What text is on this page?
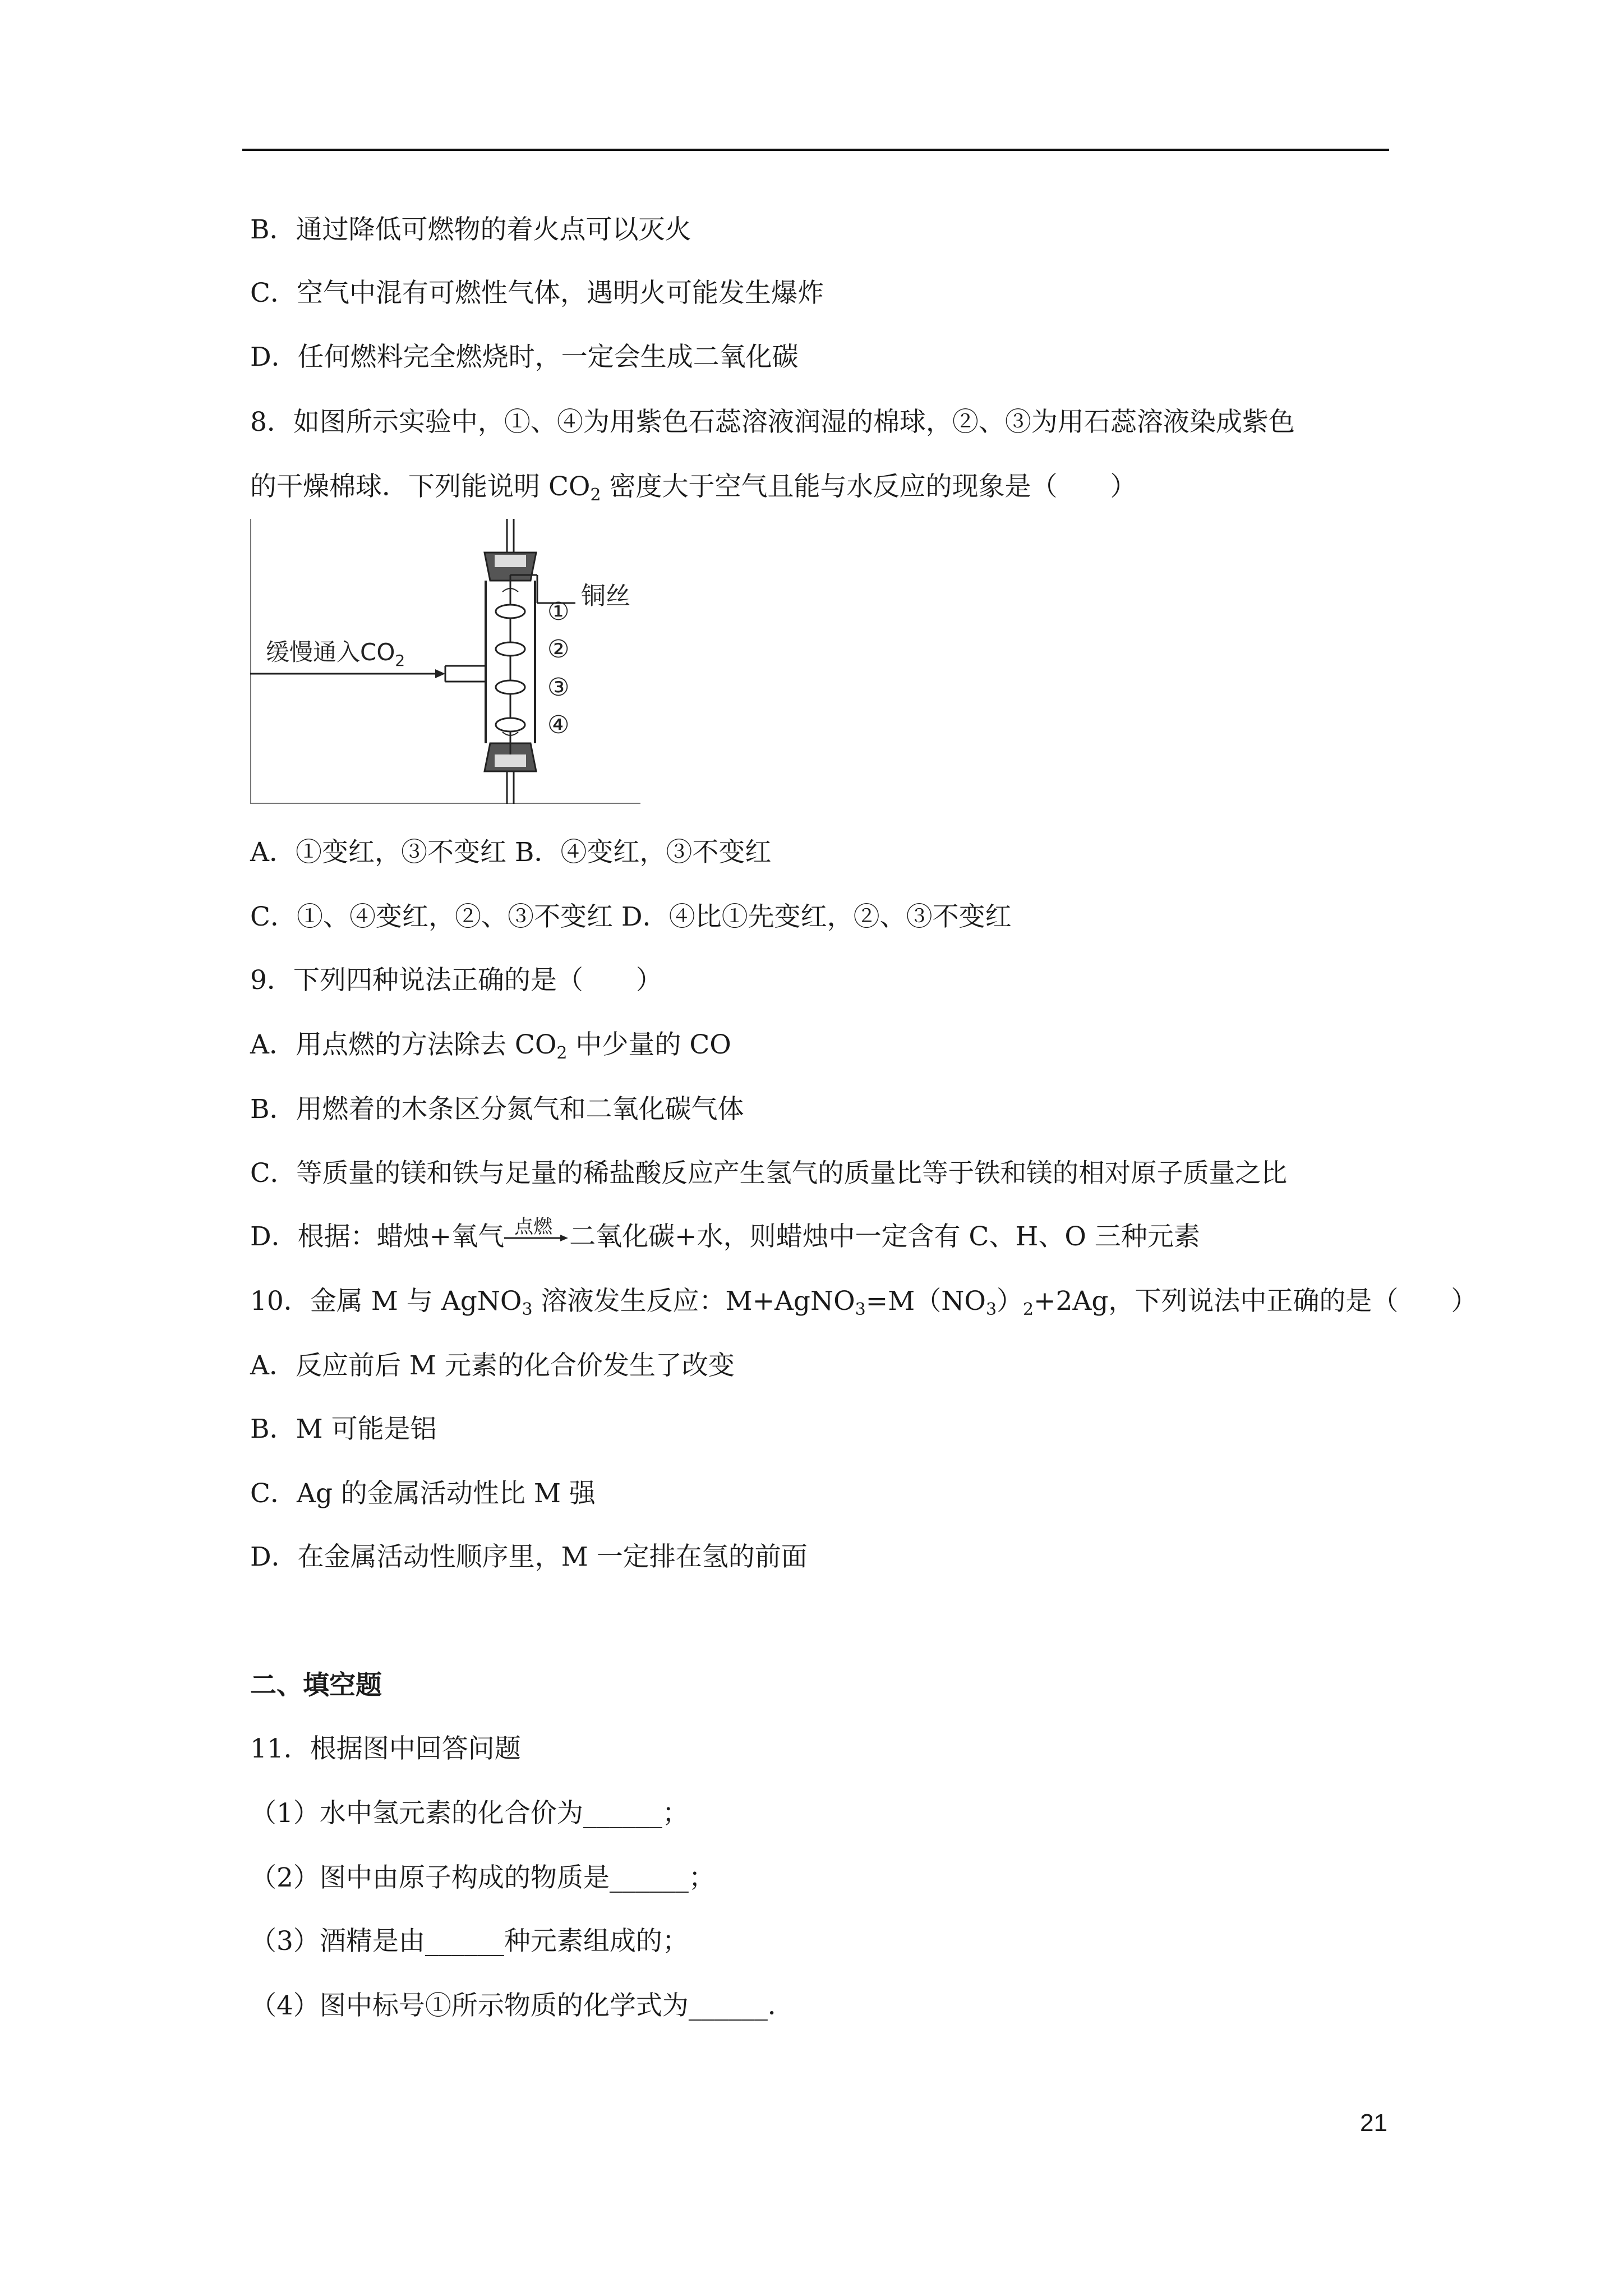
B．通过降低可燃物的着火点可以灭火
C．空气中混有可燃性气体，遇明火可能发生爆炸
D．任何燃料完全燃烧时，一定会生成二氧化碳
8．如图所示实验中，①、④为用紫色石蕊溶液润湿的棉球，②、③为用石蕊溶液染成紫色
的干燥棉球．下列能说明 $CO_2$ 密度大于空气且能与水反应的现象是（　　）
缓慢通入$CO_2$
①
②
③
④
铜丝
A．①变红，③不变红 B．④变红，③不变红
C．①、④变红，②、③不变红 D．④比①先变红，②、③不变红
9．下列四种说法正确的是（　　）
A．用点燃的方法除去 $CO_2$ 中少量的 CO
B．用燃着的木条区分氮气和二氧化碳气体
C．等质量的镁和铁与足量的稀盐酸反应产生氢气的质量比等于铁和镁的相对原子质量之比
D．根据：蜡烛+氧气 点燃 二氧化碳+水，则蜡烛中一定含有 C、H、O 三种元素
10．金属 M 与 AgNO$_3$ 溶液发生反应：$M+AgNO_3=M(NO_3)_2+2Ag$，下列说法中正确的是（　　）
A．反应前后 M 元素的化合价发生了改变
B．M 可能是铝
C．Ag 的金属活动性比 M 强
D．在金属活动性顺序里，M 一定排在氢的前面
二、填空题
11．根据图中回答问题
（1）水中氢元素的化合价为______；
（2）图中由原子构成的物质是______；
（3）酒精是由______种元素组成的；
（4）图中标号①所示物质的化学式为______．
21
